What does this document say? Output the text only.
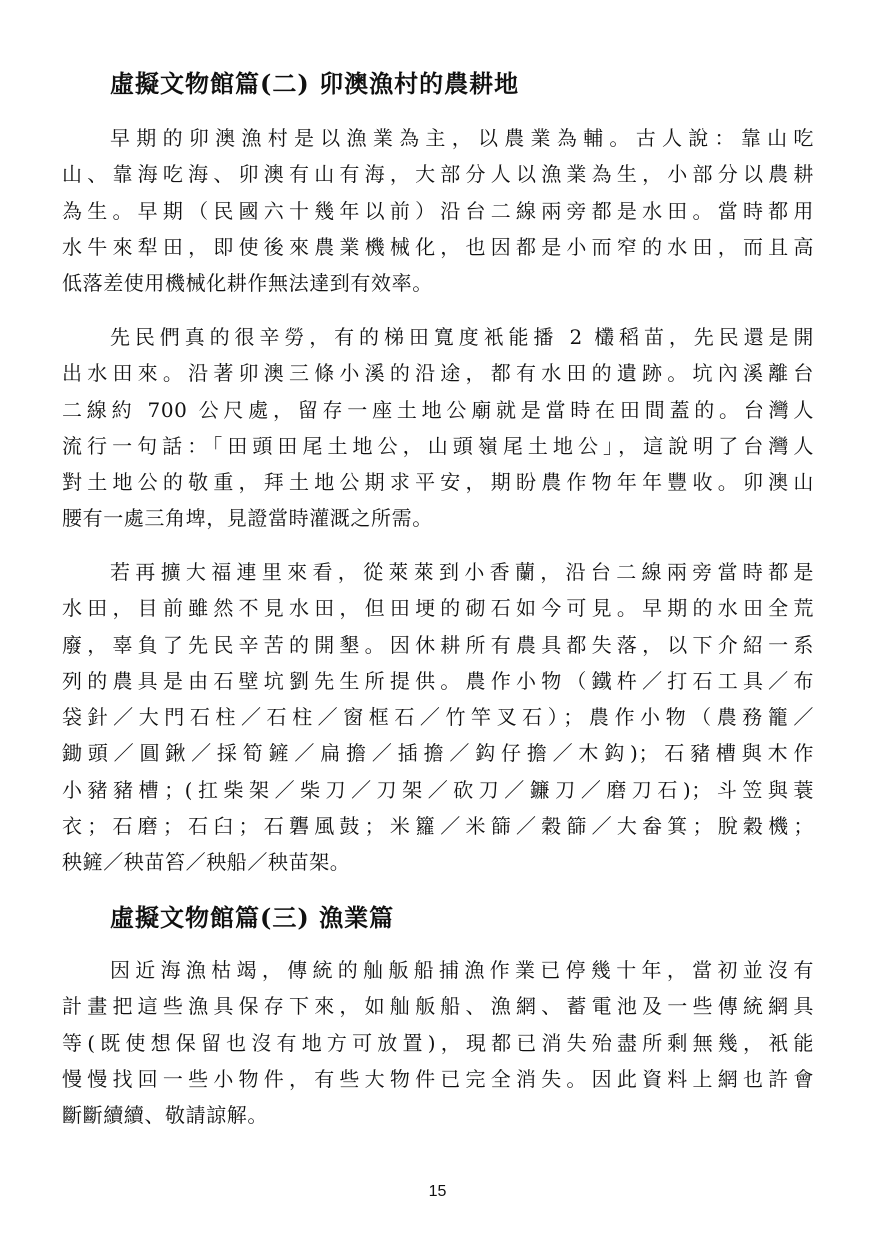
虛擬文物館篇(二) 卯澳漁村的農耕地
早期的卯澳漁村是以漁業為主，以農業為輔。古人說：靠山吃
山、靠海吃海、卯澳有山有海，大部分人以漁業為生，小部分以農耕
為生。早期（民國六十幾年以前）沿台二線兩旁都是水田。當時都用
水牛來犁田，即使後來農業機械化，也因都是小而窄的水田，而且高
低落差使用機械化耕作無法達到有效率。
先民們真的很辛勞，有的梯田寬度衹能播 2 欉稻苗，先民還是開
出水田來。沿著卯澳三條小溪的沿途，都有水田的遺跡。坑內溪離台
二線約 700 公尺處，留存一座土地公廟就是當時在田間蓋的。台灣人
流行一句話：「田頭田尾土地公，山頭嶺尾土地公」，這說明了台灣人
對土地公的敬重，拜土地公期求平安，期盼農作物年年豐收。卯澳山
腰有一處三角埤，見證當時灌溉之所需。
若再擴大福連里來看，從萊萊到小香蘭，沿台二線兩旁當時都是
水田，目前雖然不見水田，但田埂的砌石如今可見。早期的水田全荒
廢，辜負了先民辛苦的開墾。因休耕所有農具都失落，以下介紹一系
列的農具是由石壁坑劉先生所提供。農作小物（鐵杵／打石工具／布
袋針／大門石柱／石柱／窗框石／竹竿叉石）；農作小物（農務籠／
鋤頭／圓鍬／採筍鏟／扁擔／插擔／鈎仔擔／木鈎)；石豬槽與木作
小豬豬槽；(扛柴架／柴刀／刀架／砍刀／鐮刀／磨刀石)；斗笠與蓑
衣；石磨；石臼；石礱風鼓；米籮／米篩／穀篩／大畚箕；脫穀機；
秧鏟／秧苗笞／秧船／秧苗架。
虛擬文物館篇(三) 漁業篇
因近海漁枯竭，傳統的舢舨船捕漁作業已停幾十年，當初並沒有
計畫把這些漁具保存下來，如舢舨船、漁網、蓄電池及一些傳統網具
等(既使想保留也沒有地方可放置)，現都已消失殆盡所剩無幾，衹能
慢慢找回一些小物件，有些大物件已完全消失。因此資料上網也許會
斷斷續續、敬請諒解。
15
